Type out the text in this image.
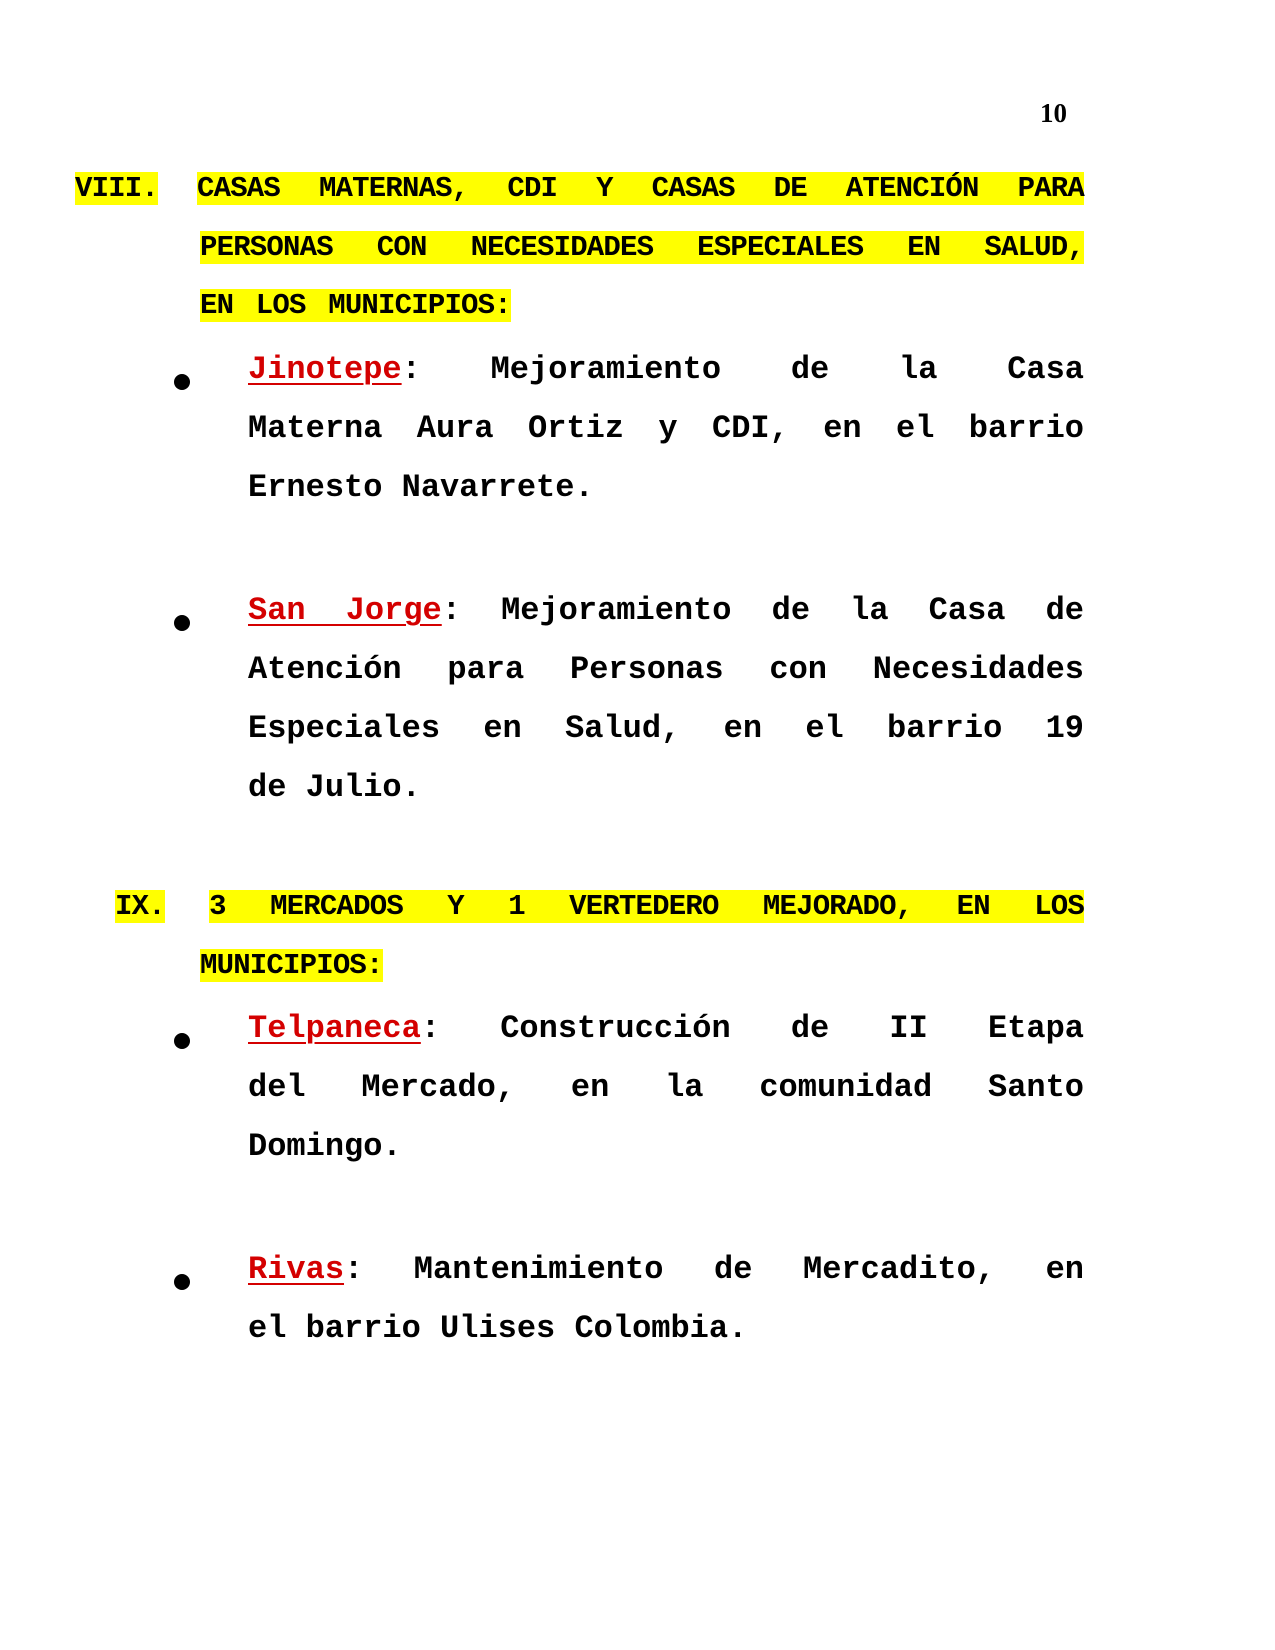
10
VIII. CASAS MATERNAS, CDI Y CASAS DE ATENCIÓN PARA
PERSONAS CON NECESIDADES ESPECIALES EN SALUD,
EN LOS MUNICIPIOS:
Jinotepe: Mejoramiento de la Casa
Materna Aura Ortiz y CDI, en el barrio
Ernesto Navarrete.
San Jorge: Mejoramiento de la Casa de
Atención para Personas con Necesidades
Especiales en Salud, en el barrio 19
de Julio.
IX. 3 MERCADOS Y 1 VERTEDERO MEJORADO, EN LOS
MUNICIPIOS:
Telpaneca: Construcción de II Etapa
del Mercado, en la comunidad Santo
Domingo.
Rivas: Mantenimiento de Mercadito, en
el barrio Ulises Colombia.
